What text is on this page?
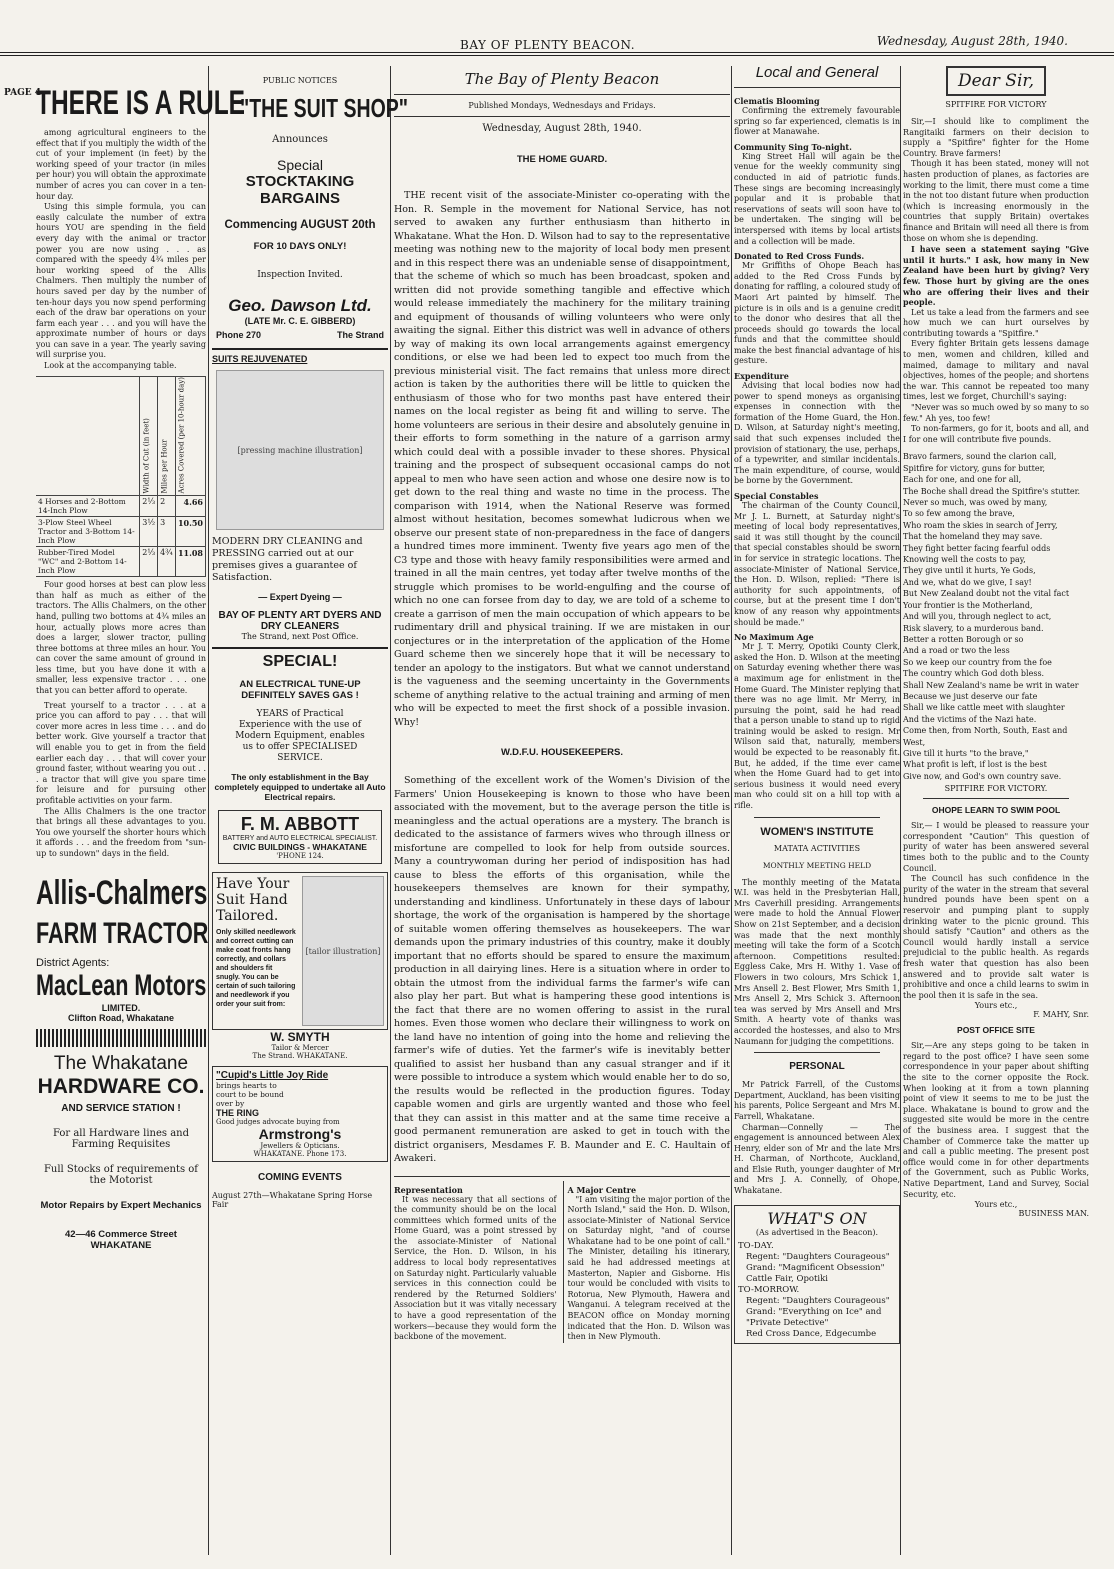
BAY OF PLENTY BEACON.	Wednesday, August 28th, 1940.
PAGE 4.
THERE IS A RULE

among agricultural engineers to the effect that if you multiply the width of the cut of your implement (in feet) by the working speed of your tractor (in miles per hour) you will obtain the approximate number of acres you can cover in a ten-hour day.

Using this simple formula, you can easily calculate the number of extra hours YOU are spending in the field every day with the animal or tractor power you are now using . . . as compared with the speedy 4¾ miles per hour working speed of the Allis Chalmers. Then multiply the number of hours saved per day by the number of ten-hour days you now spend performing each of the draw bar operations on your farm each year . . . and you will have the approximate number of hours or days you can save in a year. The yearly saving will surprise you.

Look at the accompanying table.

	Width of Cut (in feet)	Miles per Hour	Acres Covered (per 10-hour day)
4 Horses and 2-Bottom 14-Inch Plow	2⅓	2	4.66
3-Plow Steel Wheel Tractor and 3-Bottom 14-Inch Plow	3½	3	10.50
Rubber-Tired Model "WC" and 2-Bottom 14-Inch Plow	2⅓	4¾	11.08

Four good horses at best can plow less than half as much as either of the tractors. The Allis Chalmers, on the other hand, pulling two bottoms at 4¾ miles an hour, actually plows more acres than does a larger, slower tractor, pulling three bottoms at three miles an hour. You can cover the same amount of ground in less time, but you have done it with a smaller, less expensive tractor . . . one that you can better afford to operate.

Treat yourself to a tractor . . . at a price you can afford to pay . . . that will cover more acres in less time . . . and do better work. Give yourself a tractor that will enable you to get in from the field earlier each day . . . that will cover your ground faster, without wearing you out . . . a tractor that will give you spare time for leisure and for pursuing other profitable activities on your farm.

The Allis Chalmers is the one tractor that brings all these advantages to you. You owe yourself the shorter hours which it affords . . . and the freedom from "sun-up to sundown" days in the field.

Allis-Chalmers
FARM TRACTOR
District Agents:
MacLean Motors
LIMITED.
Clifton Road, Whakatane
The Whakatane
HARDWARE CO.
AND SERVICE STATION !
For all Hardware lines and Farming Requisites
Full Stocks of requirements of the Motorist
Motor Repairs by Expert Mechanics
42—46 Commerce Street
WHAKATANE
PUBLIC NOTICES
"THE SUIT SHOP"
Announces
Special
STOCKTAKING BARGAINS
Commencing AUGUST 20th
FOR 10 DAYS ONLY!
Inspection Invited.
Geo. Dawson Ltd.
(LATE Mr. C. E. GIBBERD)
Phone 270	The Strand
SUITS REJUVENATED
[pressing machine illustration]
MODERN DRY CLEANING and PRESSING carried out at our premises gives a guarantee of Satisfaction.
— Expert Dyeing —
BAY OF PLENTY ART DYERS AND DRY CLEANERS
The Strand, next Post Office.
SPECIAL!
AN ELECTRICAL TUNE-UP DEFINITELY SAVES GAS !
YEARS of Practical Experience with the use of Modern Equipment, enables us to offer SPECIALISED SERVICE.
The only establishment in the Bay completely equipped to undertake all Auto Electrical repairs.
F. M. ABBOTT
BATTERY and AUTO ELECTRICAL SPECIALIST.
CIVIC BUILDINGS - WHAKATANE
'PHONE 124.
Have Your Suit Hand Tailored.
Only skilled needlework and correct cutting can make coat fronts hang correctly, and collars and shoulders fit snugly. You can be certain of such tailoring and needlework if you order your suit from:
[tailor illustration]
W. SMYTH
Tailor & Mercer
The Strand. WHAKATANE.
"Cupid's Little Joy Ride
brings hearts to court to be bound over by
THE RING
Good judges advocate buying from
Armstrong's
Jewellers & Opticians.
WHAKATANE. Phone 173.
COMING EVENTS
August 27th—Whakatane Spring Horse Fair
The Bay of Plenty Beacon
Published Mondays, Wednesdays and Fridays.
Wednesday, August 28th, 1940.
THE HOME GUARD.

THE recent visit of the associate-Minister co-operating with the Hon. R. Semple in the movement for National Service, has not served to awaken any further enthusiasm than hitherto in Whakatane. What the Hon. D. Wilson had to say to the representative meeting was nothing new to the majority of local body men present and in this respect there was an undeniable sense of disappointment, that the scheme of which so much has been broadcast, spoken and written did not provide something tangible and effective which would release immediately the machinery for the military training and equipment of thousands of willing volunteers who were only awaiting the signal. Either this district was well in advance of others by way of making its own local arrangements against emergency conditions, or else we had been led to expect too much from the previous ministerial visit. The fact remains that unless more direct action is taken by the authorities there will be little to quicken the enthusiasm of those who for two months past have entered their names on the local register as being fit and willing to serve. The home volunteers are serious in their desire and absolutely genuine in their efforts to form something in the nature of a garrison army which could deal with a possible invader to these shores. Physical training and the prospect of subsequent occasional camps do not appeal to men who have seen action and whose one desire now is to get down to the real thing and waste no time in the process. The comparison with 1914, when the National Reserve was formed almost without hesitation, becomes somewhat ludicrous when we observe our present state of non-preparedness in the face of dangers a hundred times more imminent. Twenty five years ago men of the C3 type and those with heavy family responsibilities were armed and trained in all the main centres, yet today after twelve months of the struggle which promises to be world-engulfing and the course of which no one can forsee from day to day, we are told of a scheme to create a garrison of men the main occupation of which appears to be rudimentary drill and physical training. If we are mistaken in our conjectures or in the interpretation of the application of the Home Guard scheme then we sincerely hope that it will be necessary to tender an apology to the instigators. But what we cannot understand is the vagueness and the seeming uncertainty in the Governments scheme of anything relative to the actual training and arming of men who will be expected to meet the first shock of a possible invasion. Why!

W.D.F.U. HOUSEKEEPERS.

Something of the excellent work of the Women's Division of the Farmers' Union Housekeeping is known to those who have been associated with the movement, but to the average person the title is meaningless and the actual operations are a mystery. The branch is dedicated to the assistance of farmers wives who through illness or misfortune are compelled to look for help from outside sources. Many a countrywoman during her period of indisposition has had cause to bless the efforts of this organisation, while the housekeepers themselves are known for their sympathy, understanding and kindliness. Unfortunately in these days of labour shortage, the work of the organisation is hampered by the shortage of suitable women offering themselves as housekeepers. The war demands upon the primary industries of this country, make it doubly important that no efforts should be spared to ensure the maximum production in all dairying lines. Here is a situation where in order to obtain the utmost from the individual farms the farmer's wife can also play her part. But what is hampering these good intentions is the fact that there are no women offering to assist in the rural homes. Even those women who declare their willingness to work on the land have no intention of going into the home and relieving the farmer's wife of duties. Yet the farmer's wife is inevitably better qualified to assist her husband than any casual stranger and if it were possible to introduce a system which would enable her to do so, the results would be reflected in the production figures. Today capable women and girls are urgently wanted and those who feel that they can assist in this matter and at the same time receive a good permanent remuneration are asked to get in touch with the district organisers, Mesdames F. B. Maunder and E. C. Haultain of Awakeri.

Representation

It was necessary that all sections of the community should be on the local committees which formed units of the Home Guard, was a point stressed by the associate-Minister of National Service, the Hon. D. Wilson, in his address to local body representatives on Saturday night. Particularly valuable services in this connection could be rendered by the Returned Soldiers' Association but it was vitally necessary to have a good representation of the workers—because they would form the backbone of the movement.

A Major Centre

"I am visiting the major portion of the North Island," said the Hon. D. Wilson, associate-Minister of National Service on Saturday night, "and of course Whakatane had to be one point of call." The Minister, detailing his itinerary, said he had addressed meetings at Masterton, Napier and Gisborne. His tour would be concluded with visits to Rotorua, New Plymouth, Hawera and Wanganui. A telegram received at the BEACON office on Monday morning indicated that the Hon. D. Wilson was then in New Plymouth.

Local and General
Clematis Blooming

Confirming the extremely favourable spring so far experienced, clematis is in flower at Manawahe.

Community Sing To-night.

King Street Hall will again be the venue for the weekly community sing conducted in aid of patriotic funds. These sings are becoming increasingly popular and it is probable that reservations of seats will soon have to be undertaken. The singing will be interspersed with items by local artists and a collection will be made.

Donated to Red Cross Funds.

Mr Griffiths of Ohope Beach has added to the Red Cross Funds by donating for raffling, a coloured study of Maori Art painted by himself. The picture is in oils and is a genuine credit to the donor who desires that all the proceeds should go towards the local funds and that the committee should make the best financial advantage of his gesture.

Expenditure

Advising that local bodies now had power to spend moneys as organising expenses in connection with the formation of the Home Guard, the Hon. D. Wilson, at Saturday night's meeting, said that such expenses included the provision of stationary, the use, perhaps, of a typewriter, and similar incidentals. The main expenditure, of course, would be borne by the Government.

Special Constables

The chairman of the County Council, Mr J. L. Burnett, at Saturday night's meeting of local body representatives, said it was still thought by the council that special constables should be sworn in for service in strategic locations. The associate-Minister of National Service, the Hon. D. Wilson, replied: "There is authority for such appointments, of course, but at the present time I don't know of any reason why appointments should be made."

No Maximum Age

Mr J. T. Merry, Opotiki County Clerk, asked the Hon. D. Wilson at the meeting on Saturday evening whether there was a maximum age for enlistment in the Home Guard. The Minister replying that there was no age limit. Mr Merry, in pursuing the point, said he had read that a person unable to stand up to rigid training would be asked to resign. Mr Wilson said that, naturally, members would be expected to be reasonably fit. But, he added, if the time ever came when the Home Guard had to get into serious business it would need every man who could sit on a hill top with a rifle.

WOMEN'S INSTITUTE
MATATA ACTIVITIES
MONTHLY MEETING HELD

The monthly meeting of the Matata W.I. was held in the Presbyterian Hall, Mrs Caverhill presiding. Arrangements were made to hold the Annual Flower Show on 21st September, and a decision was made that the next monthly meeting will take the form of a Scotch afternoon. Competitions resulted: Eggless Cake, Mrs H. Withy 1. Vase of Flowers in two colours, Mrs Schick 1, Mrs Ansell 2. Best Flower, Mrs Smith 1, Mrs Ansell 2, Mrs Schick 3. Afternoon tea was served by Mrs Ansell and Mrs Smith. A hearty vote of thanks was accorded the hostesses, and also to Mrs Naumann for judging the competitions.

PERSONAL

Mr Patrick Farrell, of the Customs Department, Auckland, has been visiting his parents, Police Sergeant and Mrs M. Farrell, Whakatane.

Charman—Connelly — The engagement is announced between Alex Henry, elder son of Mr and the late Mrs H. Charman, of Northcote, Auckland, and Elsie Ruth, younger daughter of Mr and Mrs J. A. Connelly, of Ohope, Whakatane.

WHAT'S ON
(As advertised in the Beacon).
TO-DAY.
Regent: "Daughters Courageous"
Grand: "Magnificent Obsession"
Cattle Fair, Opotiki
TO-MORROW.
Regent: "Daughters Courageous"
Grand: "Everything on Ice" and "Private Detective"
Red Cross Dance, Edgecumbe
Dear Sir,
SPITFIRE FOR VICTORY

Sir,—I should like to compliment the Rangitaiki farmers on their decision to supply a "Spitfire" fighter for the Home Country. Brave farmers!

Though it has been stated, money will not hasten production of planes, as factories are working to the limit, there must come a time in the not too distant future when production (which is increasing enormously in the countries that supply Britain) overtakes finance and Britain will need all there is from those on whom she is depending.

I have seen a statement saying "Give until it hurts." I ask, how many in New Zealand have been hurt by giving? Very few. Those hurt by giving are the ones who are offering their lives and their people.

Let us take a lead from the farmers and see how much we can hurt ourselves by contributing towards a "Spitfire."

Every fighter Britain gets lessens damage to men, women and children, killed and maimed, damage to military and naval objectives, homes of the people; and shortens the war. This cannot be repeated too many times, lest we forget, Churchill's saying:

"Never was so much owed by so many to so few." Ah yes, too few!

To non-farmers, go for it, boots and all, and I for one will contribute five pounds.

Bravo farmers, sound the clarion call,
Spitfire for victory, guns for butter,
Each for one, and one for all,
The Boche shall dread the Spitfire's stutter.
Never so much, was owed by many,
To so few among the brave,
Who roam the skies in search of Jerry,
That the homeland they may save.
They fight better facing fearful odds
Knowing well the costs to pay,
They give until it hurts, Ye Gods,
And we, what do we give, I say!
But New Zealand doubt not the vital fact
Your frontier is the Motherland,
And will you, through neglect to act,
Risk slavery, to a murderous band.
Better a rotten Borough or so
And a road or two the less
So we keep our country from the foe
The country which God doth bless.
Shall New Zealand's name be writ in water
Because we just deserve our fate
Shall we like cattle meet with slaughter
And the victims of the Nazi hate.
Come then, from North, South, East and West,
Give till it hurts "to the brave,"
What profit is left, if lost is the best
Give now, and God's own country save.
SPITFIRE FOR VICTORY.
OHOPE LEARN TO SWIM POOL

Sir,— I would be pleased to reassure your correspondent "Caution" This question of purity of water has been answered several times both to the public and to the County Council.

The Council has such confidence in the purity of the water in the stream that several hundred pounds have been spent on a reservoir and pumping plant to supply drinking water to the picnic ground. This should satisfy "Caution" and others as the Council would hardly install a service prejudicial to the public health. As regards fresh water that question has also been answered and to provide salt water is prohibitive and once a child learns to swim in the pool then it is safe in the sea.

Yours etc.,
F. MAHY, Snr.
POST OFFICE SITE

Sir,—Are any steps going to be taken in regard to the post office? I have seen some correspondence in your paper about shifting the site to the corner opposite the Rock. When looking at it from a town planning point of view it seems to me to be just the place. Whakatane is bound to grow and the suggested site would be more in the centre of the business area. I suggest that the Chamber of Commerce take the matter up and call a public meeting. The present post office would come in for other departments of the Government, such as Public Works, Native Department, Land and Survey, Social Security, etc.

Yours etc.,
BUSINESS MAN.
